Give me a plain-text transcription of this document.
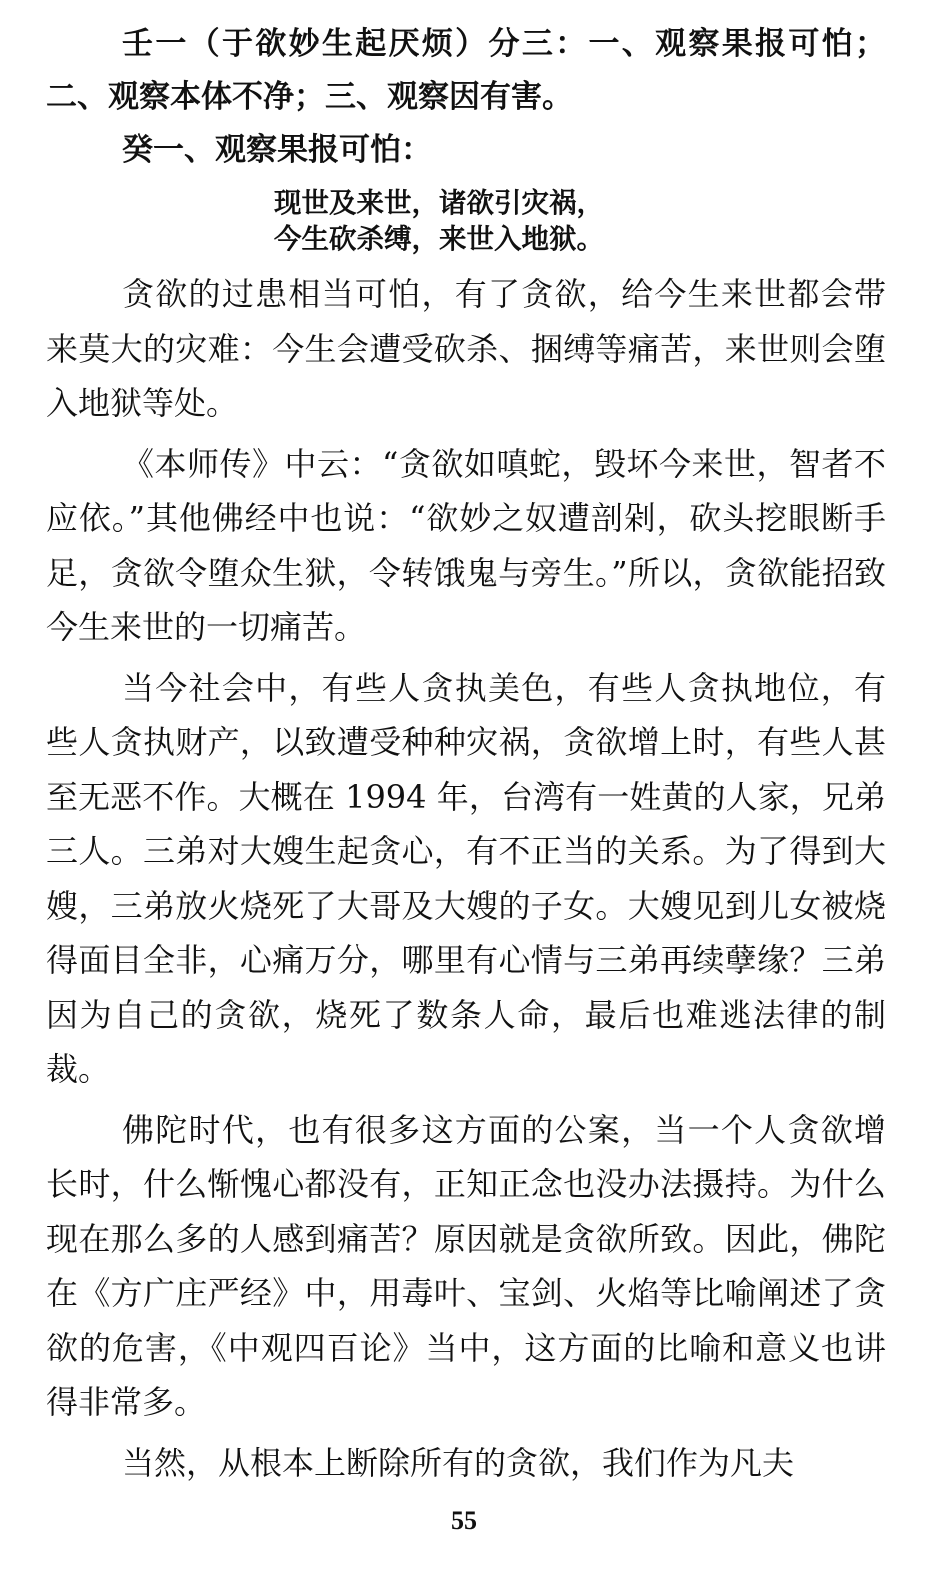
壬一（于欲妙生起厌烦）分三：一、观察果报可怕；二、观察本体不净；三、观察因有害。

癸一、观察果报可怕：

现世及来世，诸欲引灾祸，
今生砍杀缚，来世入地狱。

贪欲的过患相当可怕，有了贪欲，给今生来世都会带来莫大的灾难：今生会遭受砍杀、捆缚等痛苦，来世则会堕入地狱等处。

《本师传》中云：“贪欲如嗔蛇，毁坏今来世，智者不应依。”其他佛经中也说：“欲妙之奴遭剖剁，砍头挖眼断手足，贪欲令堕众生狱，令转饿鬼与旁生。”所以，贪欲能招致今生来世的一切痛苦。

当今社会中，有些人贪执美色，有些人贪执地位，有些人贪执财产，以致遭受种种灾祸，贪欲增上时，有些人甚至无恶不作。大概在 1994 年，台湾有一姓黄的人家，兄弟三人。三弟对大嫂生起贪心，有不正当的关系。为了得到大嫂，三弟放火烧死了大哥及大嫂的子女。大嫂见到儿女被烧得面目全非，心痛万分，哪里有心情与三弟再续孽缘？三弟因为自己的贪欲，烧死了数条人命，最后也难逃法律的制裁。

佛陀时代，也有很多这方面的公案，当一个人贪欲增长时，什么惭愧心都没有，正知正念也没办法摄持。为什么现在那么多的人感到痛苦？原因就是贪欲所致。因此，佛陀在《方广庄严经》中，用毒叶、宝剑、火焰等比喻阐述了贪欲的危害，《中观四百论》当中，这方面的比喻和意义也讲得非常多。

当然，从根本上断除所有的贪欲，我们作为凡夫

55
